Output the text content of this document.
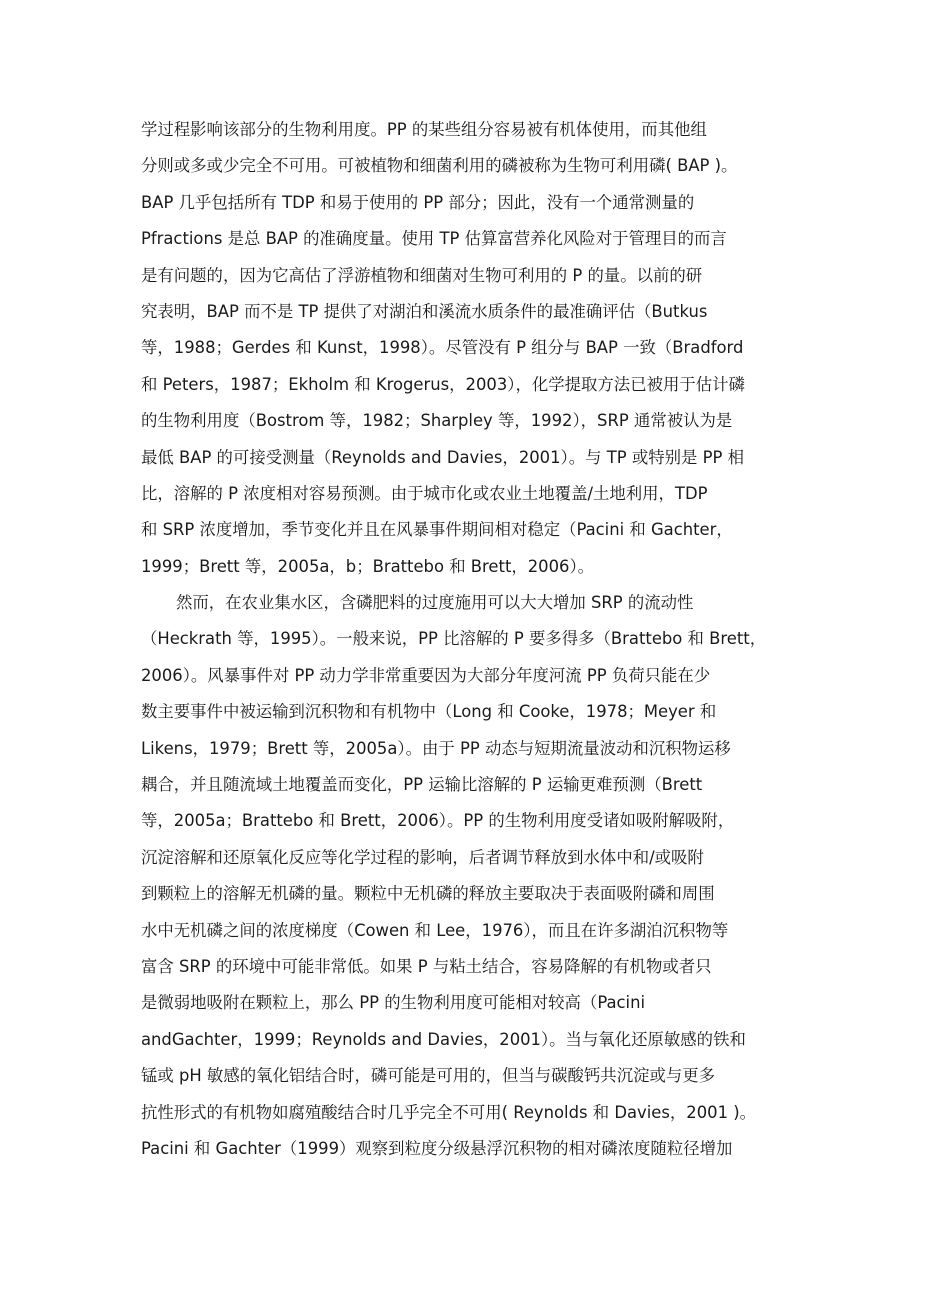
学过程影响该部分的生物利用度。PP 的某些组分容易被有机体使用，而其他组
分则或多或少完全不可用。可被植物和细菌利用的磷被称为生物可利用磷( BAP )。
BAP 几乎包括所有 TDP 和易于使用的 PP 部分；因此，没有一个通常测量的
Pfractions 是总 BAP 的准确度量。使用 TP 估算富营养化风险对于管理目的而言
是有问题的，因为它高估了浮游植物和细菌对生物可利用的 P 的量。以前的研
究表明，BAP 而不是 TP 提供了对湖泊和溪流水质条件的最准确评估（Butkus
等，1988；Gerdes 和 Kunst，1998）。尽管没有 P 组分与 BAP 一致（Bradford
和 Peters，1987；Ekholm 和 Krogerus，2003），化学提取方法已被用于估计磷
的生物利用度（Bostrom 等，1982；Sharpley 等，1992），SRP 通常被认为是
最低 BAP 的可接受测量（Reynolds and Davies，2001）。与 TP 或特别是 PP 相
比，溶解的 P 浓度相对容易预测。由于城市化或农业土地覆盖/土地利用，TDP
和 SRP 浓度增加，季节变化并且在风暴事件期间相对稳定（Pacini 和 Gachter，
1999；Brett 等，2005a，b；Brattebo 和 Brett，2006）。
然而，在农业集水区，含磷肥料的过度施用可以大大增加 SRP 的流动性
（Heckrath 等，1995）。一般来说，PP 比溶解的 P 要多得多（Brattebo 和 Brett，
2006）。风暴事件对 PP 动力学非常重要因为大部分年度河流 PP 负荷只能在少
数主要事件中被运输到沉积物和有机物中（Long 和 Cooke，1978；Meyer 和
Likens，1979；Brett 等，2005a）。由于 PP 动态与短期流量波动和沉积物运移
耦合，并且随流域土地覆盖而变化，PP 运输比溶解的 P 运输更难预测（Brett
等，2005a；Brattebo 和 Brett，2006）。PP 的生物利用度受诸如吸附解吸附，
沉淀溶解和还原氧化反应等化学过程的影响，后者调节释放到水体中和/或吸附
到颗粒上的溶解无机磷的量。颗粒中无机磷的释放主要取决于表面吸附磷和周围
水中无机磷之间的浓度梯度（Cowen 和 Lee，1976），而且在许多湖泊沉积物等
富含 SRP 的环境中可能非常低。如果 P 与粘土结合，容易降解的有机物或者只
是微弱地吸附在颗粒上，那么 PP 的生物利用度可能相对较高（Pacini
andGachter，1999；Reynolds and Davies，2001）。当与氧化还原敏感的铁和
锰或 pH 敏感的氧化铝结合时，磷可能是可用的，但当与碳酸钙共沉淀或与更多
抗性形式的有机物如腐殖酸结合时几乎完全不可用( Reynolds 和 Davies，2001 )。
Pacini 和 Gachter（1999）观察到粒度分级悬浮沉积物的相对磷浓度随粒径增加
